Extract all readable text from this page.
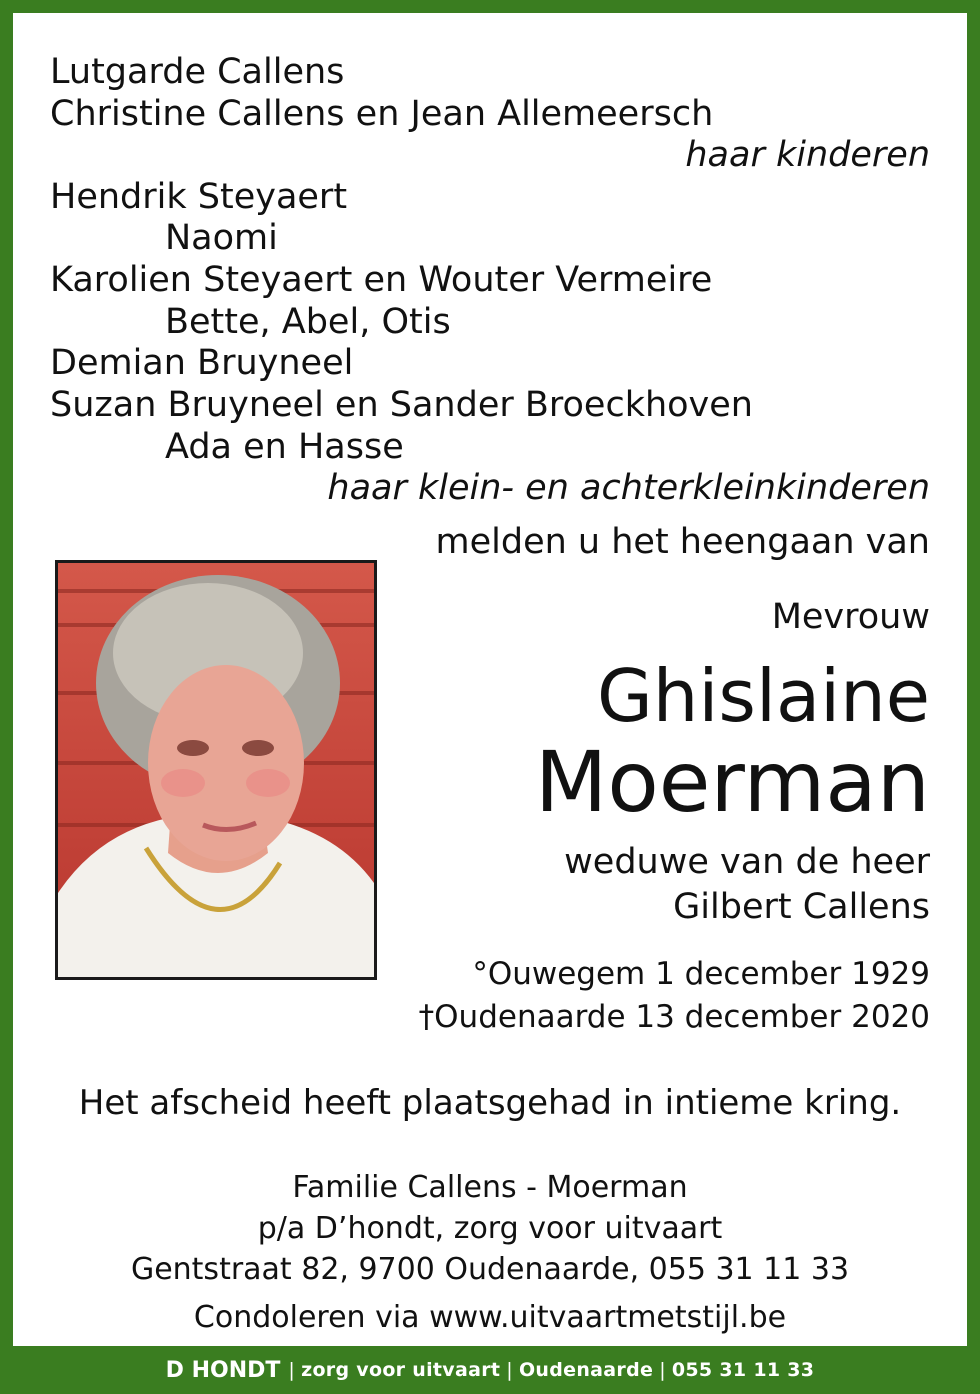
Lutgarde Callens
Christine Callens en Jean Allemeersch
haar kinderen
Hendrik Steyaert
Naomi
Karolien Steyaert en Wouter Vermeire
Bette, Abel, Otis
Demian Bruyneel
Suzan Bruyneel en Sander Broeckhoven
Ada en Hasse
haar klein- en achterkleinkinderen
melden u het heengaan van
Mevrouw
Ghislaine
Moerman
weduwe van de heer
Gilbert Callens
°Ouwegem 1 december 1929
†Oudenaarde 13 december 2020
Het afscheid heeft plaatsgehad in intieme kring.
Familie Callens - Moerman
p/a D’hondt, zorg voor uitvaart
Gentstraat 82, 9700 Oudenaarde, 055 31 11 33
Condoleren via www.uitvaartmetstijl.be
D HONDT | zorg voor uitvaart | Oudenaarde | 055 31 11 33
